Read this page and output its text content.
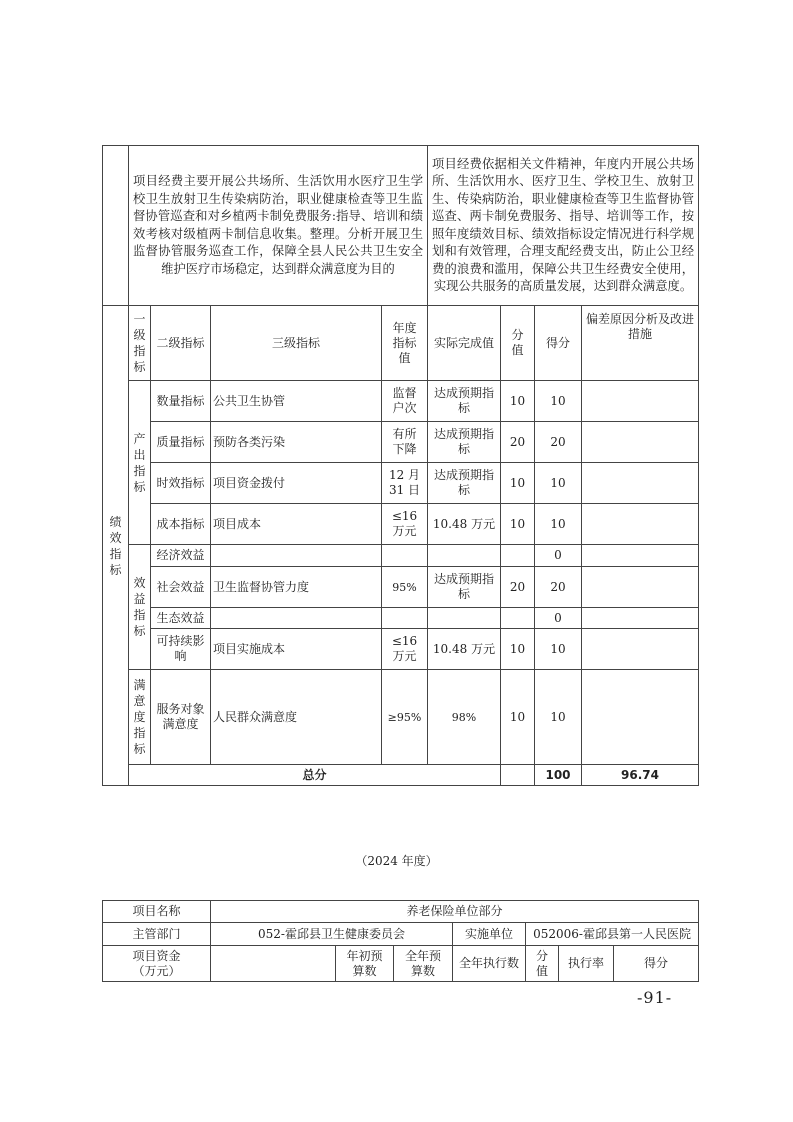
	项目经费主要开展公共场所、生活饮用水医疗卫生学校卫生放射卫生传染病防治，职业健康检查等卫生监督协管巡查和对乡植两卡制免费服务:指导、培训和绩效考核对级植两卡制信息收集。整理。分析开展卫生监督协管服务巡查工作，保障全县人民公共卫生安全维护医疗市场稳定，达到群众满意度为目的				项目经费依据相关文件精神，年度内开展公共场所、生活饮用水、医疗卫生、学校卫生、放射卫生、传染病防治，职业健康检查等卫生监督协管巡查、两卡制免费服务、指导、培训等工作，按照年度绩效目标、绩效指标设定情况进行科学规划和有效管理，合理支配经费支出，防止公卫经费的浪费和滥用，保障公共卫生经费安全使用，实现公共服务的高质量发展，达到群众满意度。				
绩效指标	一级指标	二级指标	三级指标	年度指标值	实际完成值	分值	得分	偏差原因分析及改进措施	
	产出指标	数量指标	公共卫生协管	监督户次	达成预期指标	10	10		
		质量指标	预防各类污染	有所下降	达成预期指标	20	20		
		时效指标	项目资金拨付	12 月 31 日	达成预期指标	10	10		
		成本指标	项目成本	≤16 万元	10.48 万元	10	10		
	效益指标	经济效益					0		
		社会效益	卫生监督协管力度	95%	达成预期指标	20	20		
		生态效益					0		
		可持续影响	项目实施成本	≤16 万元	10.48 万元	10	10		
	满意度指标	服务对象满意度	人民群众满意度	≥95%	98%	10	10		
	总分						100	96.74	
（2024 年度）
项目名称	养老保险单位部分						
主管部门	052-霍邱县卫生健康委员会			实施单位	052006-霍邱县第一人民医院		
项目资金（万元）		年初预算数	全年预算数	全年执行数	分值	执行率	得分
-91-
